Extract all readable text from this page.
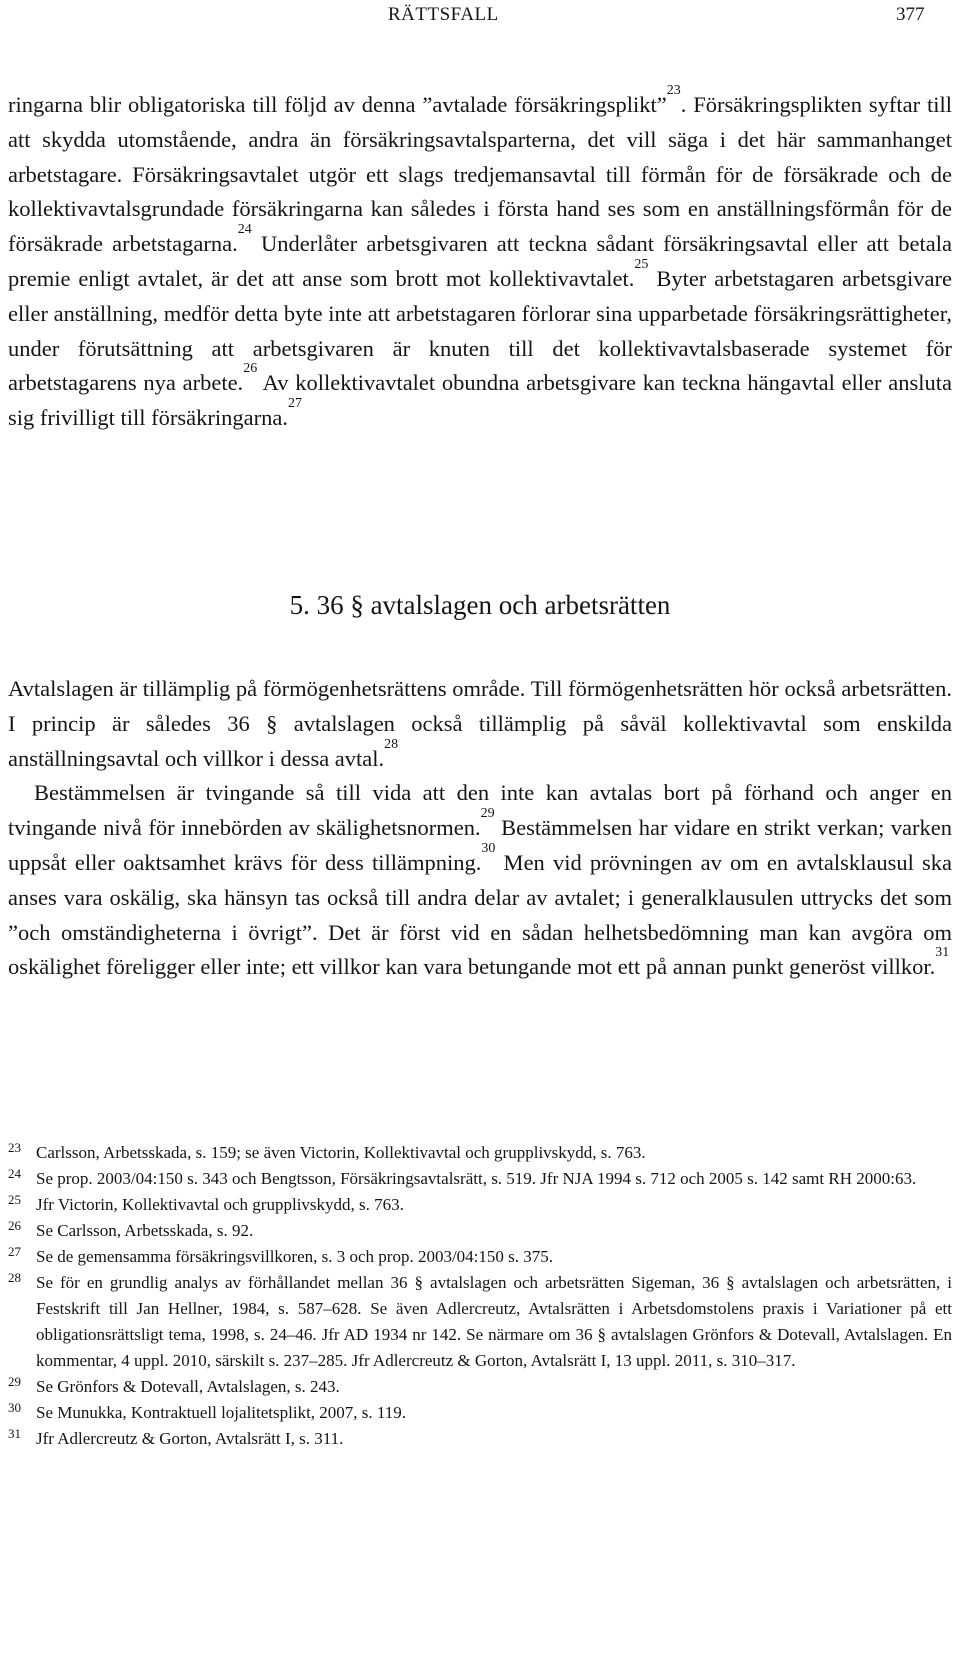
RÄTTSFALL	377

ringarna blir obligatoriska till följd av denna ”avtalade försäkringsplikt”$^{23}$. Försäkringsplikten syftar till att skydda utomstående, andra än försäkringsavtalsparterna, det vill säga i det här sammanhanget arbetstagare. Försäkringsavtalet utgör ett slags tredjemansavtal till förmån för de försäkrade och de kollektivavtalsgrundade försäkringarna kan således i första hand ses som en anställningsförmån för de försäkrade arbetstagarna.$^{24}$ Underlåter arbetsgivaren att teckna sådant försäkringsavtal eller att betala premie enligt avtalet, är det att anse som brott mot kollektivavtalet.$^{25}$ Byter arbetstagaren arbetsgivare eller anställning, medför detta byte inte att arbetstagaren förlorar sina upparbetade försäkringsrättigheter, under förutsättning att arbetsgivaren är knuten till det kollektivavtalsbaserade systemet för arbetstagarens nya arbete.$^{26}$ Av kollektivavtalet obundna arbetsgivare kan teckna hängavtal eller ansluta sig frivilligt till försäkringarna.$^{27}$

5. 36 § avtalslagen och arbetsrätten

Avtalslagen är tillämplig på förmögenhetsrättens område. Till förmögenhetsrätten hör också arbetsrätten. I princip är således 36 § avtalslagen också tillämplig på såväl kollektivavtal som enskilda anställningsavtal och villkor i dessa avtal.$^{28}$
Bestämmelsen är tvingande så till vida att den inte kan avtalas bort på förhand och anger en tvingande nivå för innebörden av skälighetsnormen.$^{29}$ Bestämmelsen har vidare en strikt verkan; varken uppsåt eller oaktsamhet krävs för dess tillämpning.$^{30}$ Men vid prövningen av om en avtalsklausul ska anses vara oskälig, ska hänsyn tas också till andra delar av avtalet; i generalklausulen uttrycks det som ”och omständigheterna i övrigt”. Det är först vid en sådan helhetsbedömning man kan avgöra om oskälighet föreligger eller inte; ett villkor kan vara betungande mot ett på annan punkt generöst villkor.$^{31}$

23 Carlsson, Arbetsskada, s. 159; se även Victorin, Kollektivavtal och grupplivskydd, s. 763.
24 Se prop. 2003/04:150 s. 343 och Bengtsson, Försäkringsavtalsrätt, s. 519. Jfr NJA 1994 s. 712 och 2005 s. 142 samt RH 2000:63.
25 Jfr Victorin, Kollektivavtal och grupplivskydd, s. 763.
26 Se Carlsson, Arbetsskada, s. 92.
27 Se de gemensamma försäkringsvillkoren, s. 3 och prop. 2003/04:150 s. 375.
28 Se för en grundlig analys av förhållandet mellan 36 § avtalslagen och arbetsrätten Sigeman, 36 § avtalslagen och arbetsrätten, i Festskrift till Jan Hellner, 1984, s. 587–628. Se även Adlercreutz, Avtalsrätten i Arbetsdomstolens praxis i Variationer på ett obligationsrättsligt tema, 1998, s. 24–46. Jfr AD 1934 nr 142. Se närmare om 36 § avtalslagen Grönfors & Dotevall, Avtalslagen. En kommentar, 4 uppl. 2010, särskilt s. 237–285. Jfr Adlercreutz & Gorton, Avtalsrätt I, 13 uppl. 2011, s. 310–317.
29 Se Grönfors & Dotevall, Avtalslagen, s. 243.
30 Se Munukka, Kontraktuell lojalitetsplikt, 2007, s. 119.
31 Jfr Adlercreutz & Gorton, Avtalsrätt I, s. 311.
